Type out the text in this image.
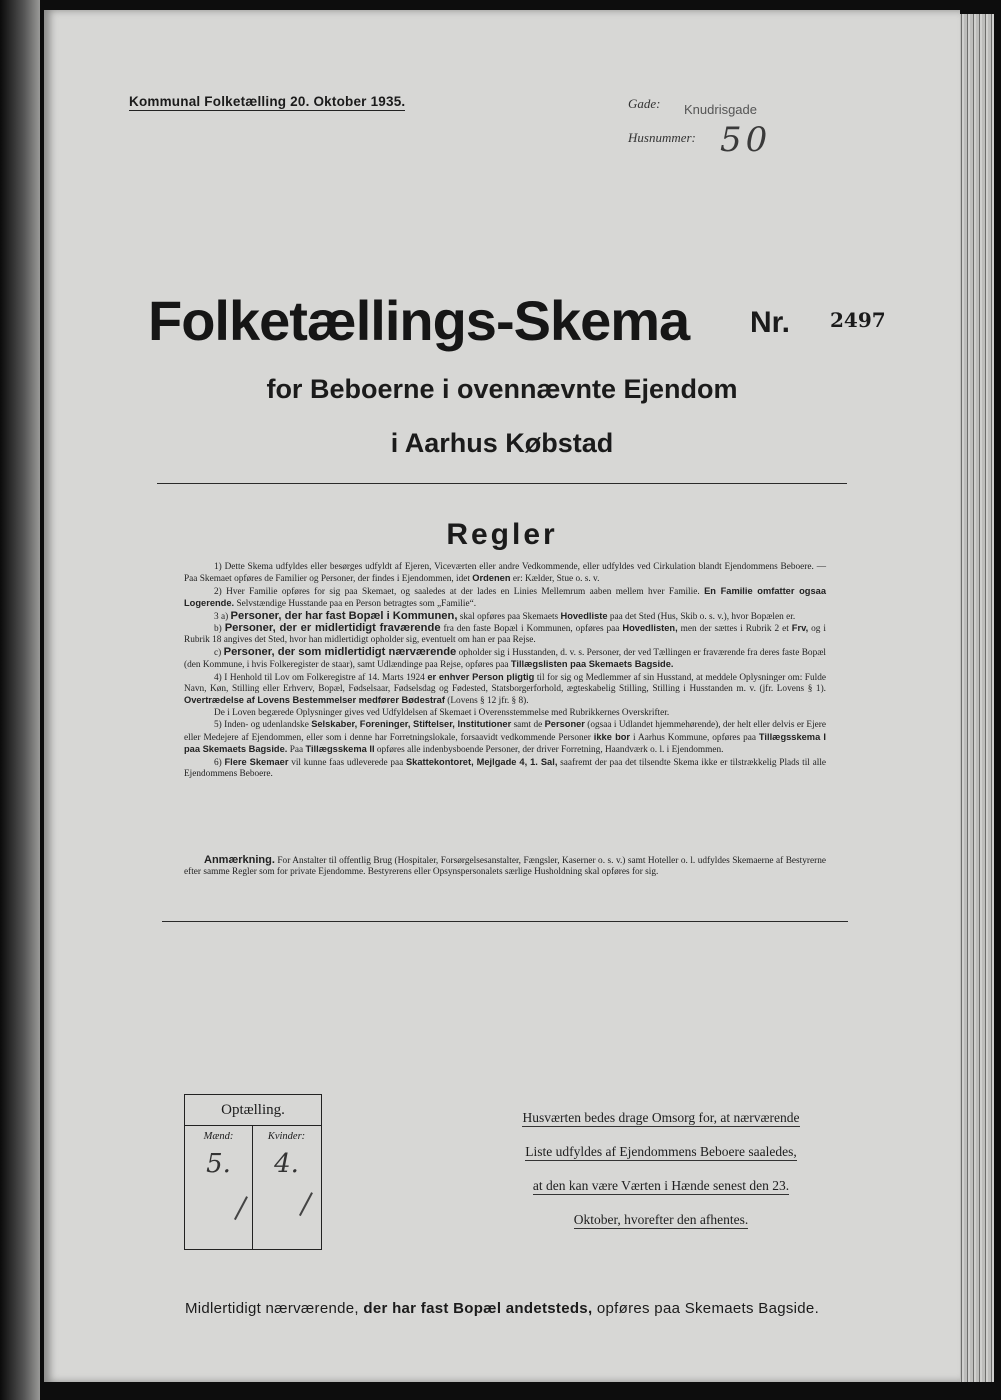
Kommunal Folketælling 20. Oktober 1935.	Gade: Knudrisgade
Husnummer: 50
Folketællings-Skema Nr. 2497
for Beboerne i ovennævnte Ejendom
i Aarhus Købstad
Regler

1) Dette Skema udfyldes eller besørges udfyldt af Ejeren, Viceværten eller andre Vedkommende, eller udfyldes ved Cirkulation blandt Ejendommens Beboere. — Paa Skemaet opføres de Familier og Personer, der findes i Ejendommen, idet Ordenen er: Kælder, Stue o. s. v.

2) Hver Familie opføres for sig paa Skemaet, og saaledes at der lades en Linies Mellemrum aaben mellem hver Familie. En Familie omfatter ogsaa Logerende. Selvstændige Husstande paa en Person betragtes som „Familie“.

3 a) Personer, der har fast Bopæl i Kommunen, skal opføres paa Skemaets Hovedliste paa det Sted (Hus, Skib o. s. v.), hvor Bopælen er.

b) Personer, der er midlertidigt fraværende fra den faste Bopæl i Kommunen, opføres paa Hovedlisten, men der sættes i Rubrik 2 et Frv, og i Rubrik 18 angives det Sted, hvor han midlertidigt opholder sig, eventuelt om han er paa Rejse.

c) Personer, der som midlertidigt nærværende opholder sig i Husstanden, d. v. s. Personer, der ved Tællingen er fraværende fra deres faste Bopæl (den Kommune, i hvis Folkeregister de staar), samt Udlændinge paa Rejse, opføres paa Tillægslisten paa Skemaets Bagside.

4) I Henhold til Lov om Folkeregistre af 14. Marts 1924 er enhver Person pligtig til for sig og Medlemmer af sin Husstand, at meddele Oplysninger om: Fulde Navn, Køn, Stilling eller Erhverv, Bopæl, Fødselsaar, Fødselsdag og Fødested, Statsborgerforhold, ægteskabelig Stilling, Stilling i Husstanden m. v. (jfr. Lovens § 1). Overtrædelse af Lovens Bestemmelser medfører Bødestraf (Lovens § 12 jfr. § 8).

De i Loven begærede Oplysninger gives ved Udfyldelsen af Skemaet i Overensstemmelse med Rubrikkernes Overskrifter.

5) Inden- og udenlandske Selskaber, Foreninger, Stiftelser, Institutioner samt de Personer (ogsaa i Udlandet hjemmehørende), der helt eller delvis er Ejere eller Medejere af Ejendommen, eller som i denne har Forretningslokale, forsaavidt vedkommende Personer ikke bor i Aarhus Kommune, opføres paa Tillægsskema I paa Skemaets Bagside. Paa Tillægsskema II opføres alle indenbysboende Personer, der driver Forretning, Haandværk o. l. i Ejendommen.

6) Flere Skemaer vil kunne faas udleverede paa Skattekontoret, Mejlgade 4, 1. Sal, saafremt der paa det tilsendte Skema ikke er tilstrækkelig Plads til alle Ejendommens Beboere.

Anmærkning. For Anstalter til offentlig Brug (Hospitaler, Forsørgelsesanstalter, Fængsler, Kaserner o. s. v.) samt Hoteller o. l. udfyldes Skemaerne af Bestyrerne efter samme Regler som for private Ejendomme. Bestyrerens eller Opsynspersonalets særlige Husholdning skal opføres for sig.

Optælling.
Mænd:	Kvinder:
5.	4.
Husværten bedes drage Omsorg for, at nærværende
Liste udfyldes af Ejendommens Beboere saaledes,
at den kan være Værten i Hænde senest den 23.
Oktober, hvorefter den afhentes.
Midlertidigt nærværende, der har fast Bopæl andetsteds, opføres paa Skemaets Bagside.
